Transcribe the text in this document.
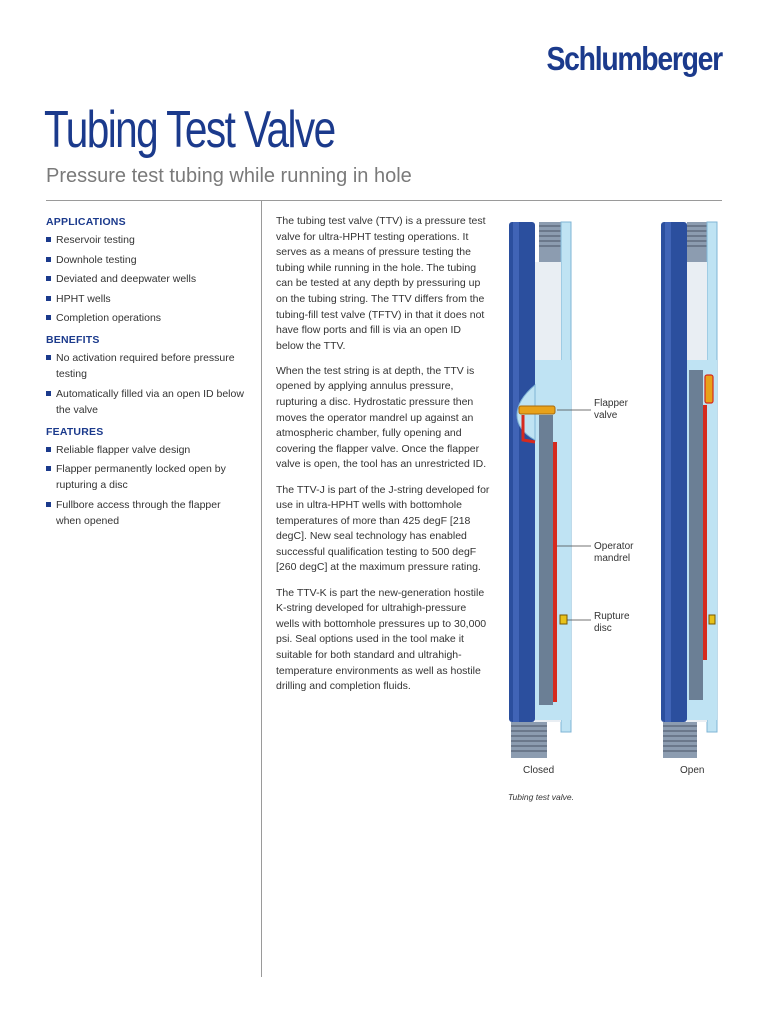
Schlumberger
Tubing Test Valve
Pressure test tubing while running in hole
APPLICATIONS
Reservoir testing
Downhole testing
Deviated and deepwater wells
HPHT wells
Completion operations
BENEFITS
No activation required before pressure testing
Automatically filled via an open ID below the valve
FEATURES
Reliable flapper valve design
Flapper permanently locked open by rupturing a disc
Fullbore access through the flapper when opened

The tubing test valve (TTV) is a pressure test valve for ultra-HPHT testing operations. It serves as a means of pressure testing the tubing while running in the hole. The tubing can be tested at any depth by pressuring up on the tubing string. The TTV differs from the tubing-fill test valve (TFTV) in that it does not have flow ports and fill is via an open ID below the TTV.

When the test string is at depth, the TTV is opened by applying annulus pressure, rupturing a disc. Hydrostatic pressure then moves the operator mandrel up against an atmospheric chamber, fully opening and covering the flapper valve. Once the flapper valve is open, the tool has an unrestricted ID.

The TTV-J is part of the J-string developed for use in ultra-HPHT wells with bottomhole temperatures of more than 425 degF [218 degC]. New seal technology has enabled successful qualification testing to 500 degF [260 degC] at the maximum pressure rating.

The TTV-K is part the new-generation hostile K-string developed for ultrahigh-pressure wells with bottomhole pressures up to 30,000 psi. Seal options used in the tool make it suitable for both standard and ultrahigh-temperature environments as well as hostile drilling and completion fluids.

Flapper valve
Operator mandrel
Rupture disc
Closed	Open
Tubing test valve.
